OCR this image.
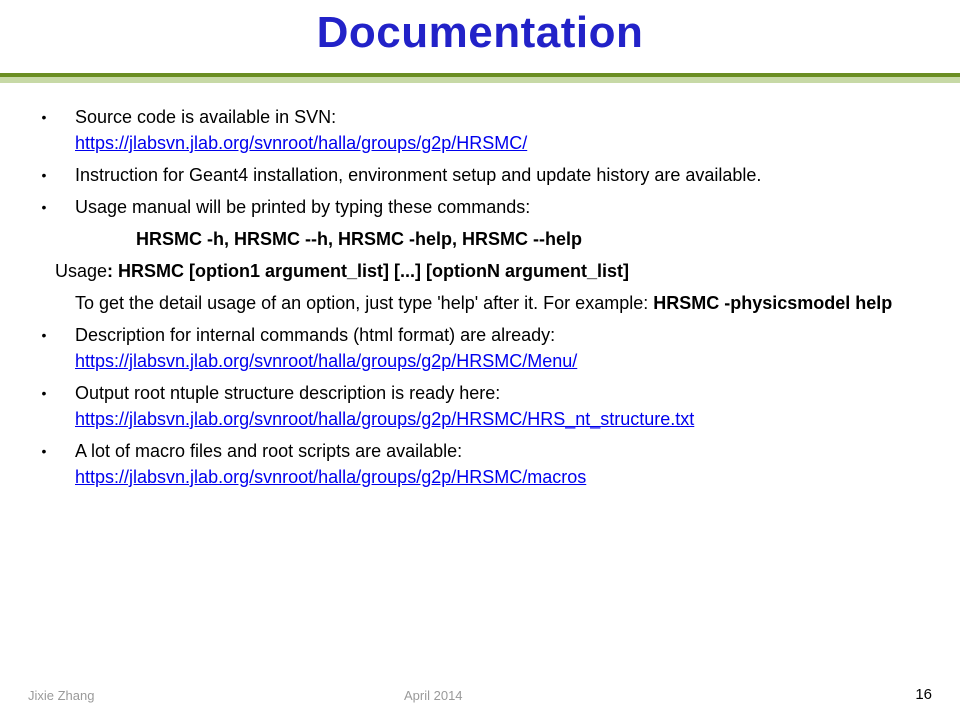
Documentation
• Source code is available in SVN:
https://jlabsvn.jlab.org/svnroot/halla/groups/g2p/HRSMC/
• Instruction for Geant4 installation, environment setup and update history are available.
• Usage manual will be printed by typing these commands:
HRSMC -h, HRSMC --h, HRSMC -help, HRSMC --help
Usage: HRSMC [option1 argument_list] [...] [optionN argument_list]
To get the detail usage of an option, just type 'help' after it. For example: HRSMC -physicsmodel help
• Description for internal commands (html format) are already:
https://jlabsvn.jlab.org/svnroot/halla/groups/g2p/HRSMC/Menu/
• Output root ntuple structure description is ready here:
https://jlabsvn.jlab.org/svnroot/halla/groups/g2p/HRSMC/HRS_nt_structure.txt
• A lot of macro files and root scripts are available:
https://jlabsvn.jlab.org/svnroot/halla/groups/g2p/HRSMC/macros
Jixie Zhang	April 2014	16
